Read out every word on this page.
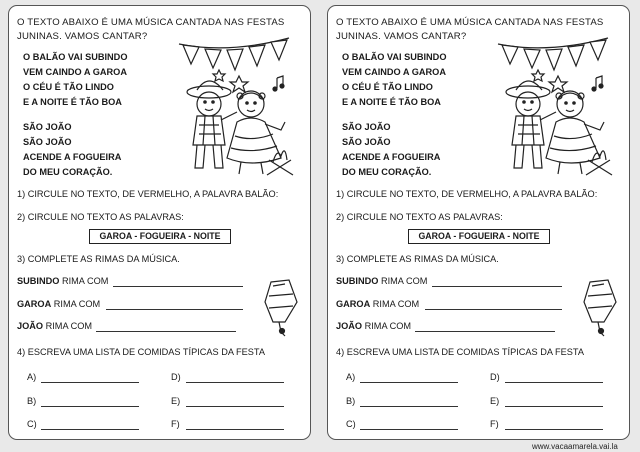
O TEXTO ABAIXO É UMA MÚSICA CANTADA NAS FESTAS JUNINAS. VAMOS CANTAR?
O BALÃO VAI SUBINDO
VEM CAINDO A GAROA
O CÉU É TÃO LINDO
E A NOITE É TÃO BOA
SÃO JOÃO
SÃO JOÃO
ACENDE A FOGUEIRA
DO MEU CORAÇÃO.
1) CIRCULE NO TEXTO, DE VERMELHO, A PALAVRA BALÃO:
2) CIRCULE NO TEXTO AS PALAVRAS:
GAROA - FOGUEIRA - NOITE
3) COMPLETE AS RIMAS DA MÚSICA.
SUBINDO RIMA COM
GAROA RIMA COM
JOÃO RIMA COM
4) ESCREVA UMA LISTA DE COMIDAS TÍPICAS DA FESTA
A)
B)
C)
D)
E)
F)
O TEXTO ABAIXO É UMA MÚSICA CANTADA NAS FESTAS JUNINAS. VAMOS CANTAR?
O BALÃO VAI SUBINDO
VEM CAINDO A GAROA
O CÉU É TÃO LINDO
E A NOITE É TÃO BOA
SÃO JOÃO
SÃO JOÃO
ACENDE A FOGUEIRA
DO MEU CORAÇÃO.
1) CIRCULE NO TEXTO, DE VERMELHO, A PALAVRA BALÃO:
2) CIRCULE NO TEXTO AS PALAVRAS:
GAROA - FOGUEIRA - NOITE
3) COMPLETE AS RIMAS DA MÚSICA.
SUBINDO RIMA COM
GAROA RIMA COM
JOÃO RIMA COM
4) ESCREVA UMA LISTA DE COMIDAS TÍPICAS DA FESTA
A)
B)
C)
D)
E)
F)
www.vacaamarela.vai.la
